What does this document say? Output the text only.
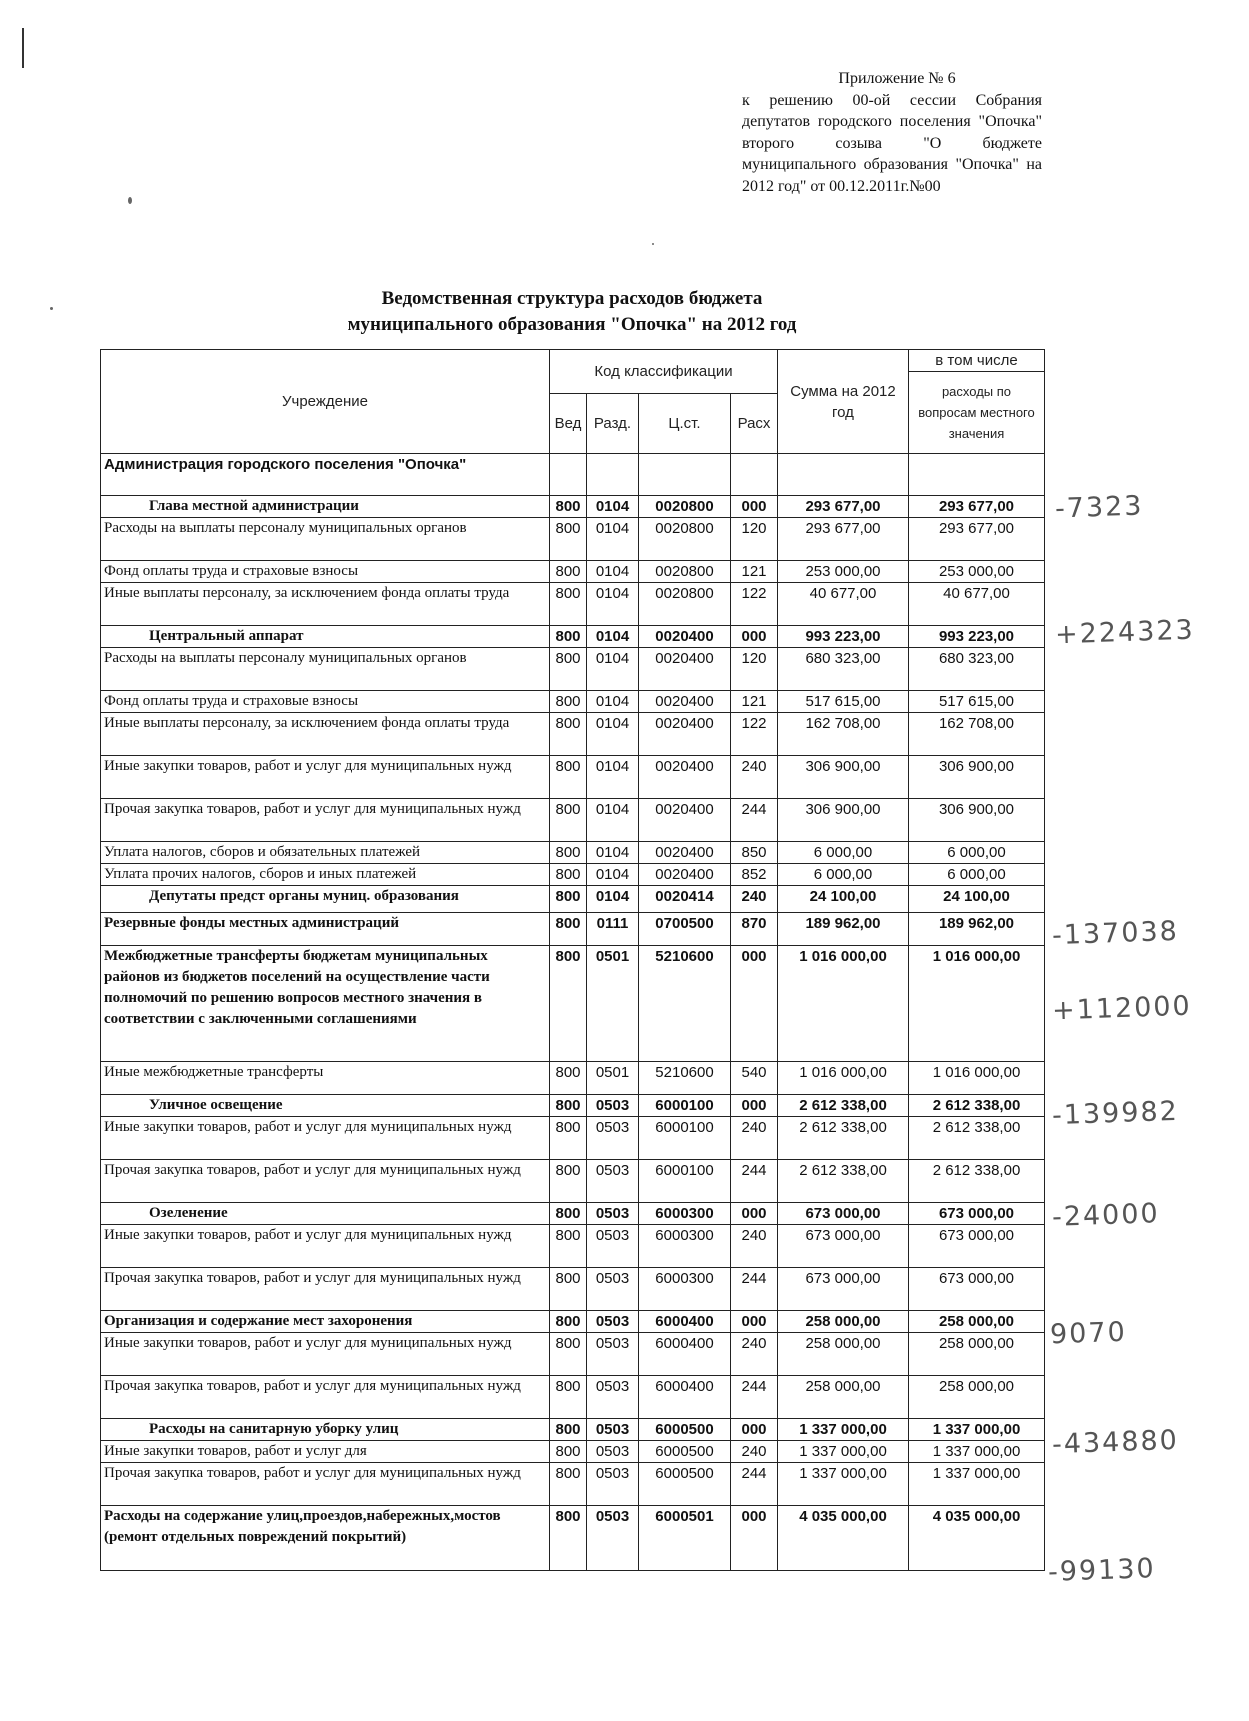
Приложение № 6
к решению 00-ой сессии Собрания депутатов городского поселения "Опочка" второго созыва "О бюджете муниципального образования "Опочка" на 2012 год" от 00.12.2011г.№00
Ведомственная структура расходов бюджета
муниципального образования "Опочка" на 2012 год
Учреждение	Код классификации				Сумма на 2012 год	в том числе
						расходы по вопросам местного значения
	Вед	Разд.	Ц.ст.	Расх		
Администрация городского поселения "Опочка"						
Глава местной администрации	800	0104	0020800	000	293 677,00	293 677,00
Расходы на выплаты персоналу муниципальных органов	800	0104	0020800	120	293 677,00	293 677,00
Фонд оплаты труда и страховые взносы	800	0104	0020800	121	253 000,00	253 000,00
Иные выплаты персоналу, за исключением фонда оплаты труда	800	0104	0020800	122	40 677,00	40 677,00
Центральный аппарат	800	0104	0020400	000	993 223,00	993 223,00
Расходы на выплаты персоналу муниципальных органов	800	0104	0020400	120	680 323,00	680 323,00
Фонд оплаты труда и страховые взносы	800	0104	0020400	121	517 615,00	517 615,00
Иные выплаты персоналу, за исключением фонда оплаты труда	800	0104	0020400	122	162 708,00	162 708,00
Иные закупки товаров, работ и услуг для муниципальных нужд	800	0104	0020400	240	306 900,00	306 900,00
Прочая закупка товаров, работ и услуг для муниципальных нужд	800	0104	0020400	244	306 900,00	306 900,00
Уплата налогов, сборов и обязательных платежей	800	0104	0020400	850	6 000,00	6 000,00
Уплата прочих налогов, сборов и иных платежей	800	0104	0020400	852	6 000,00	6 000,00
Депутаты предст органы муниц. образования	800	0104	0020414	240	24 100,00	24 100,00
Резервные фонды местных администраций	800	0111	0700500	870	189 962,00	189 962,00
Межбюджетные трансферты бюджетам муниципальных районов из бюджетов поселений на осуществление части полномочий по решению вопросов местного значения в соответствии с заключенными соглашениями	800	0501	5210600	000	1 016 000,00	1 016 000,00
Иные межбюджетные трансферты	800	0501	5210600	540	1 016 000,00	1 016 000,00
Уличное освещение	800	0503	6000100	000	2 612 338,00	2 612 338,00
Иные закупки товаров, работ и услуг для муниципальных нужд	800	0503	6000100	240	2 612 338,00	2 612 338,00
Прочая закупка товаров, работ и услуг для муниципальных нужд	800	0503	6000100	244	2 612 338,00	2 612 338,00
Озеленение	800	0503	6000300	000	673 000,00	673 000,00
Иные закупки товаров, работ и услуг для муниципальных нужд	800	0503	6000300	240	673 000,00	673 000,00
Прочая закупка товаров, работ и услуг для муниципальных нужд	800	0503	6000300	244	673 000,00	673 000,00
Организация и содержание мест захоронения	800	0503	6000400	000	258 000,00	258 000,00
Иные закупки товаров, работ и услуг для муниципальных нужд	800	0503	6000400	240	258 000,00	258 000,00
Прочая закупка товаров, работ и услуг для муниципальных нужд	800	0503	6000400	244	258 000,00	258 000,00
Расходы на санитарную уборку улиц	800	0503	6000500	000	1 337 000,00	1 337 000,00
Иные закупки товаров, работ и услуг для	800	0503	6000500	240	1 337 000,00	1 337 000,00
Прочая закупка товаров, работ и услуг для муниципальных нужд	800	0503	6000500	244	1 337 000,00	1 337 000,00
Расходы на содержание улиц,проездов,набережных,мостов (ремонт отдельных повреждений покрытий)	800	0503	6000501	000	4 035 000,00	4 035 000,00
-7323
+224323
-137038
+112000
-139982
-24000
9070
-434880
-99130
